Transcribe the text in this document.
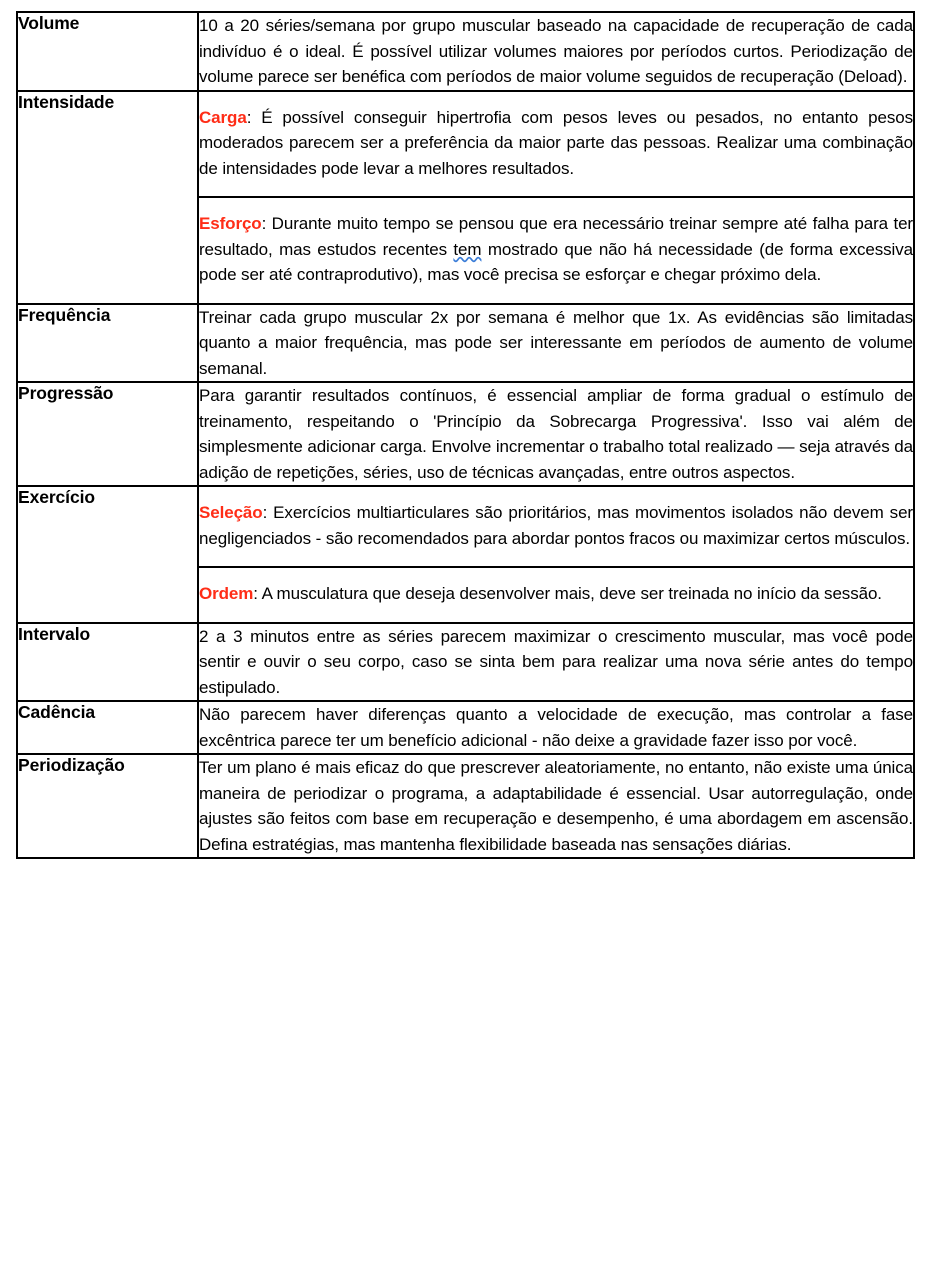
Volume	10 a 20 séries/semana por grupo muscular baseado na capacidade de recuperação de cada indivíduo é o ideal. É possível utilizar volumes maiores por períodos curtos. Periodização de volume parece ser benéfica com períodos de maior volume seguidos de recuperação (Deload).

Intensidade	Carga: É possível conseguir hipertrofia com pesos leves ou pesados, no entanto pesos moderados parecem ser a preferência da maior parte das pessoas. Realizar uma combinação de intensidades pode levar a melhores resultados.

	Esforço: Durante muito tempo se pensou que era necessário treinar sempre até falha para ter resultado, mas estudos recentes tem mostrado que não há necessidade (de forma excessiva pode ser até contraprodutivo), mas você precisa se esforçar e chegar próximo dela.

Frequência	Treinar cada grupo muscular 2x por semana é melhor que 1x. As evidências são limitadas quanto a maior frequência, mas pode ser interessante em períodos de aumento de volume semanal.

Progressão	Para garantir resultados contínuos, é essencial ampliar de forma gradual o estímulo de treinamento, respeitando o 'Princípio da Sobrecarga Progressiva'. Isso vai além de simplesmente adicionar carga. Envolve incrementar o trabalho total realizado — seja através da adição de repetições, séries, uso de técnicas avançadas, entre outros aspectos.

Exercício	Seleção: Exercícios multiarticulares são prioritários, mas movimentos isolados não devem ser negligenciados - são recomendados para abordar pontos fracos ou maximizar certos músculos.

	Ordem: A musculatura que deseja desenvolver mais, deve ser treinada no início da sessão.

Intervalo	2 a 3 minutos entre as séries parecem maximizar o crescimento muscular, mas você pode sentir e ouvir o seu corpo, caso se sinta bem para realizar uma nova série antes do tempo estipulado.

Cadência	Não parecem haver diferenças quanto a velocidade de execução, mas controlar a fase excêntrica parece ter um benefício adicional - não deixe a gravidade fazer isso por você.

Periodização	Ter um plano é mais eficaz do que prescrever aleatoriamente, no entanto, não existe uma única maneira de periodizar o programa, a adaptabilidade é essencial. Usar autorregulação, onde ajustes são feitos com base em recuperação e desempenho, é uma abordagem em ascensão. Defina estratégias, mas mantenha flexibilidade baseada nas sensações diárias.
